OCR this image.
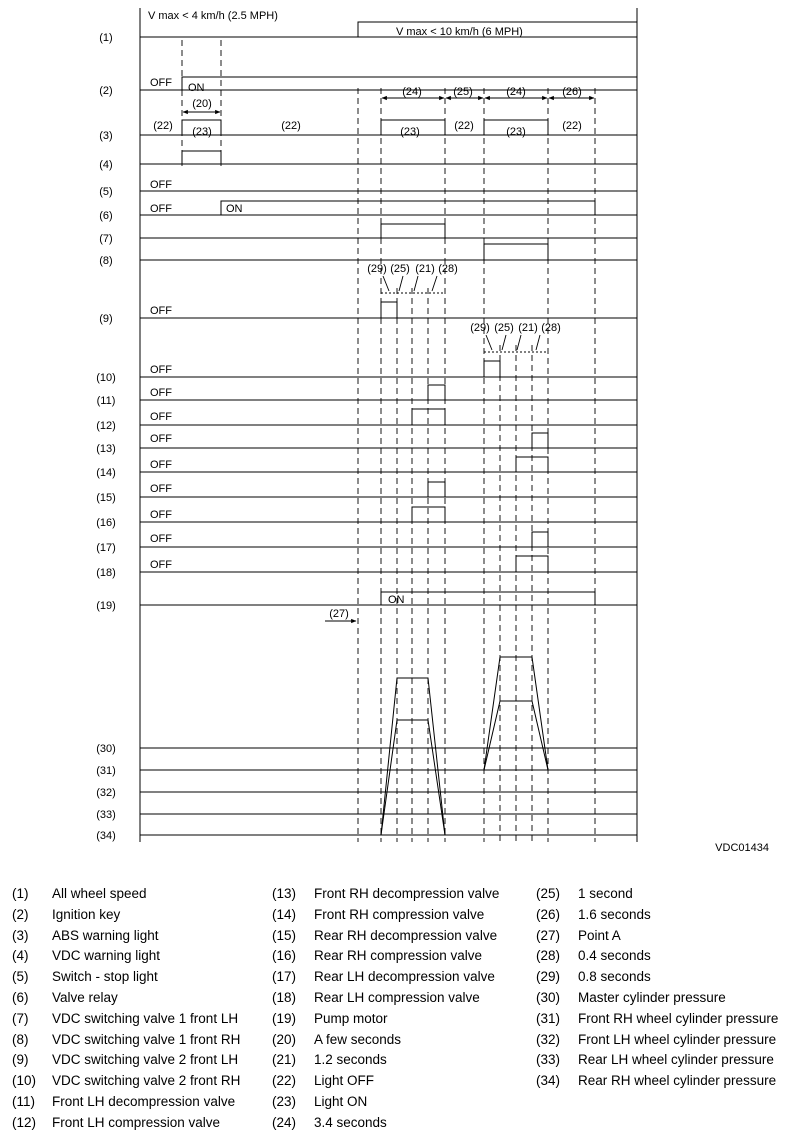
(1)
(2)
(3)
(4)
(5)
(6)
(7)
(8)
(9)
(10)
(11)
(12)
(13)
(14)
(15)
(16)
(17)
(18)
(19)
(30)
(31)
(32)
(33)
(34)
V max < 4 km/h (2.5 MPH)
V max < 10 km/h (6 MPH)
OFF ON
(20)
(22) (23)	(22)
(24)	(25)	(24)	(26)
(23)	(22)	(23)	(22)
OFF
OFF	ON
(29) (25) (21) (28)
(29) (25) (21) (28)
OFF
OFF
OFF
OFF
OFF
OFF
OFF
OFF
OFF
OFF
ON
(27)
VDC01434
(1) All wheel speed
(2) Ignition key
(3) ABS warning light
(4) VDC warning light
(5) Switch - stop light
(6) Valve relay
(7) VDC switching valve 1 front LH
(8) VDC switching valve 1 front RH
(9) VDC switching valve 2 front LH
(10) VDC switching valve 2 front RH
(11) Front LH decompression valve
(12) Front LH compression valve
(13) Front RH decompression valve
(14) Front RH compression valve
(15) Rear RH decompression valve
(16) Rear RH compression valve
(17) Rear LH decompression valve
(18) Rear LH compression valve
(19) Pump motor
(20) A few seconds
(21) 1.2 seconds
(22) Light OFF
(23) Light ON
(24) 3.4 seconds
(25) 1 second
(26) 1.6 seconds
(27) Point A
(28) 0.4 seconds
(29) 0.8 seconds
(30) Master cylinder pressure
(31) Front RH wheel cylinder pressure
(32) Front LH wheel cylinder pressure
(33) Rear LH wheel cylinder pressure
(34) Rear RH wheel cylinder pressure
